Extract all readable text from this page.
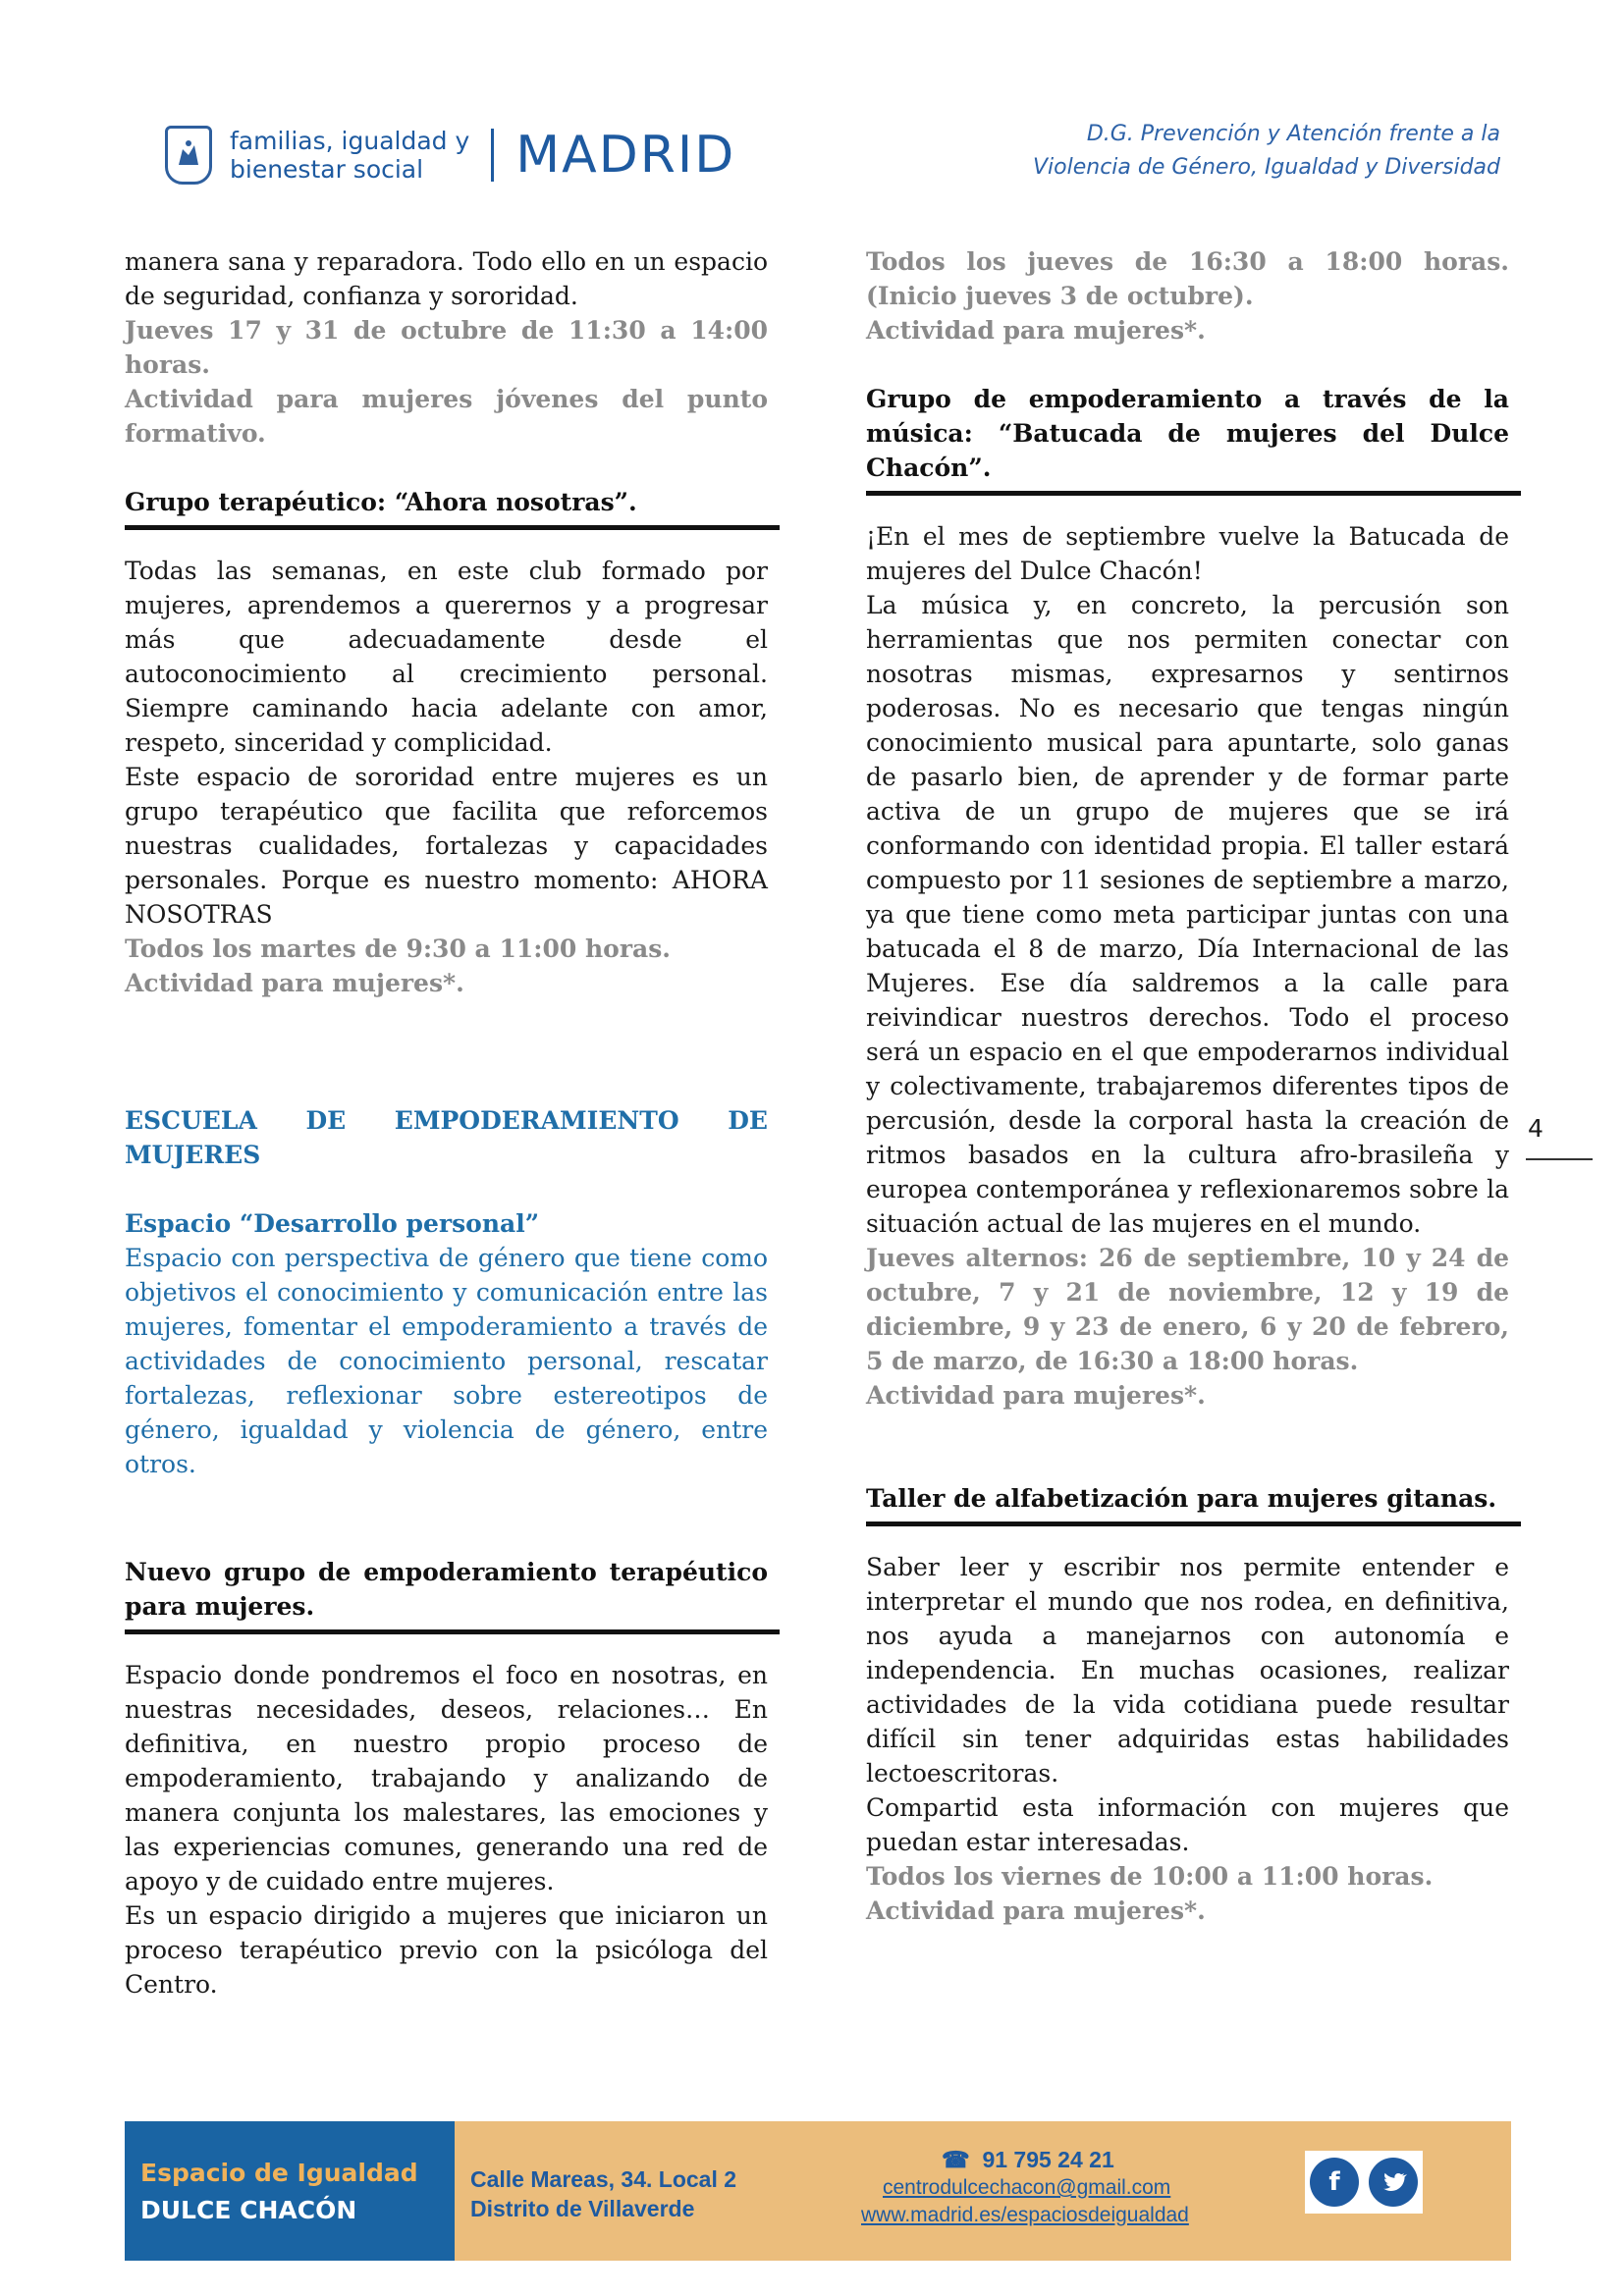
familias, igualdad y
bienestar social	MADRID	D.G. Prevención y Atención frente a la
Violencia de Género, Igualdad y Diversidad

manera sana y reparadora. Todo ello en un espacio de seguridad, confianza y sororidad.

Jueves 17 y 31 de octubre de 11:30 a 14:00 horas.

Actividad para mujeres jóvenes del punto formativo.

Grupo terapéutico: “Ahora nosotras”.

Todas las semanas, en este club formado por mujeres, aprendemos a querernos y a progresar más que adecuadamente desde el autoconocimiento al crecimiento personal. Siempre caminando hacia adelante con amor, respeto, sinceridad y complicidad.

Este espacio de sororidad entre mujeres es un grupo terapéutico que facilita que reforcemos nuestras cualidades, fortalezas y capacidades personales. Porque es nuestro momento: AHORA NOSOTRAS

Todos los martes de 9:30 a 11:00 horas.

Actividad para mujeres*.

ESCUELA DE EMPODERAMIENTO DE MUJERES

Espacio “Desarrollo personal”

Espacio con perspectiva de género que tiene como objetivos el conocimiento y comunicación entre las mujeres, fomentar el empoderamiento a través de actividades de conocimiento personal, rescatar fortalezas, reflexionar sobre estereotipos de género, igualdad y violencia de género, entre otros.

Nuevo grupo de empoderamiento terapéutico para mujeres.

Espacio donde pondremos el foco en nosotras, en nuestras necesidades, deseos, relaciones… En definitiva, en nuestro propio proceso de empoderamiento, trabajando y analizando de manera conjunta los malestares, las emociones y las experiencias comunes, generando una red de apoyo y de cuidado entre mujeres.

Es un espacio dirigido a mujeres que iniciaron un proceso terapéutico previo con la psicóloga del Centro.

Todos los jueves de 16:30 a 18:00 horas. (Inicio jueves 3 de octubre).

Actividad para mujeres*.

Grupo de empoderamiento a través de la música: “Batucada de mujeres del Dulce Chacón”.

¡En el mes de septiembre vuelve la Batucada de mujeres del Dulce Chacón!

La música y, en concreto, la percusión son herramientas que nos permiten conectar con nosotras mismas, expresarnos y sentirnos poderosas. No es necesario que tengas ningún conocimiento musical para apuntarte, solo ganas de pasarlo bien, de aprender y de formar parte activa de un grupo de mujeres que se irá conformando con identidad propia. El taller estará compuesto por 11 sesiones de septiembre a marzo, ya que tiene como meta participar juntas con una batucada el 8 de marzo, Día Internacional de las Mujeres. Ese día saldremos a la calle para reivindicar nuestros derechos. Todo el proceso será un espacio en el que empoderarnos individual y colectivamente, trabajaremos diferentes tipos de percusión, desde la corporal hasta la creación de ritmos basados en la cultura afro-brasileña y europea contemporánea y reflexionaremos sobre la situación actual de las mujeres en el mundo.

Jueves alternos: 26 de septiembre, 10 y 24 de octubre, 7 y 21 de noviembre, 12 y 19 de diciembre, 9 y 23 de enero, 6 y 20 de febrero, 5 de marzo, de 16:30 a 18:00 horas.

Actividad para mujeres*.

Taller de alfabetización para mujeres gitanas.

Saber leer y escribir nos permite entender e interpretar el mundo que nos rodea, en definitiva, nos ayuda a manejarnos con autonomía e independencia. En muchas ocasiones, realizar actividades de la vida cotidiana puede resultar difícil sin tener adquiridas estas habilidades lectoescritoras.

Compartid esta información con mujeres que puedan estar interesadas.

Todos los viernes de 10:00 a 11:00 horas.

Actividad para mujeres*.

4
Espacio de Igualdad
DULCE CHACÓN
Calle Mareas, 34. Local 2
Distrito de Villaverde
☎ 91 795 24 21
centrodulcechacon@gmail.com
www.madrid.es/espaciosdeigualdad
f
